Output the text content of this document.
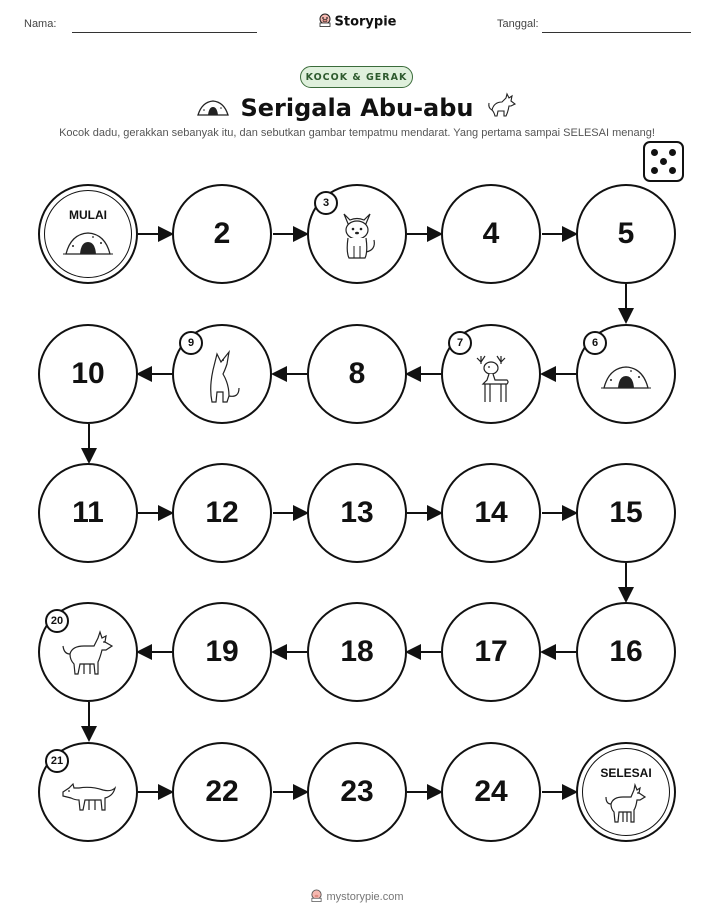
Nama:	Storypie	Tanggal:
KOCOK & GERAK
Serigala Abu-abu
Kocok dadu, gerakkan sebanyak itu, dan sebutkan gambar tempatmu mendarat. Yang pertama sampai SELESAI menang!
MULAI
2
3
4	5
10
9
8
7	6
11	12	13	14	15
20
19	18	17	16
21
22	23	24
SELESAI
mystorypie.com
